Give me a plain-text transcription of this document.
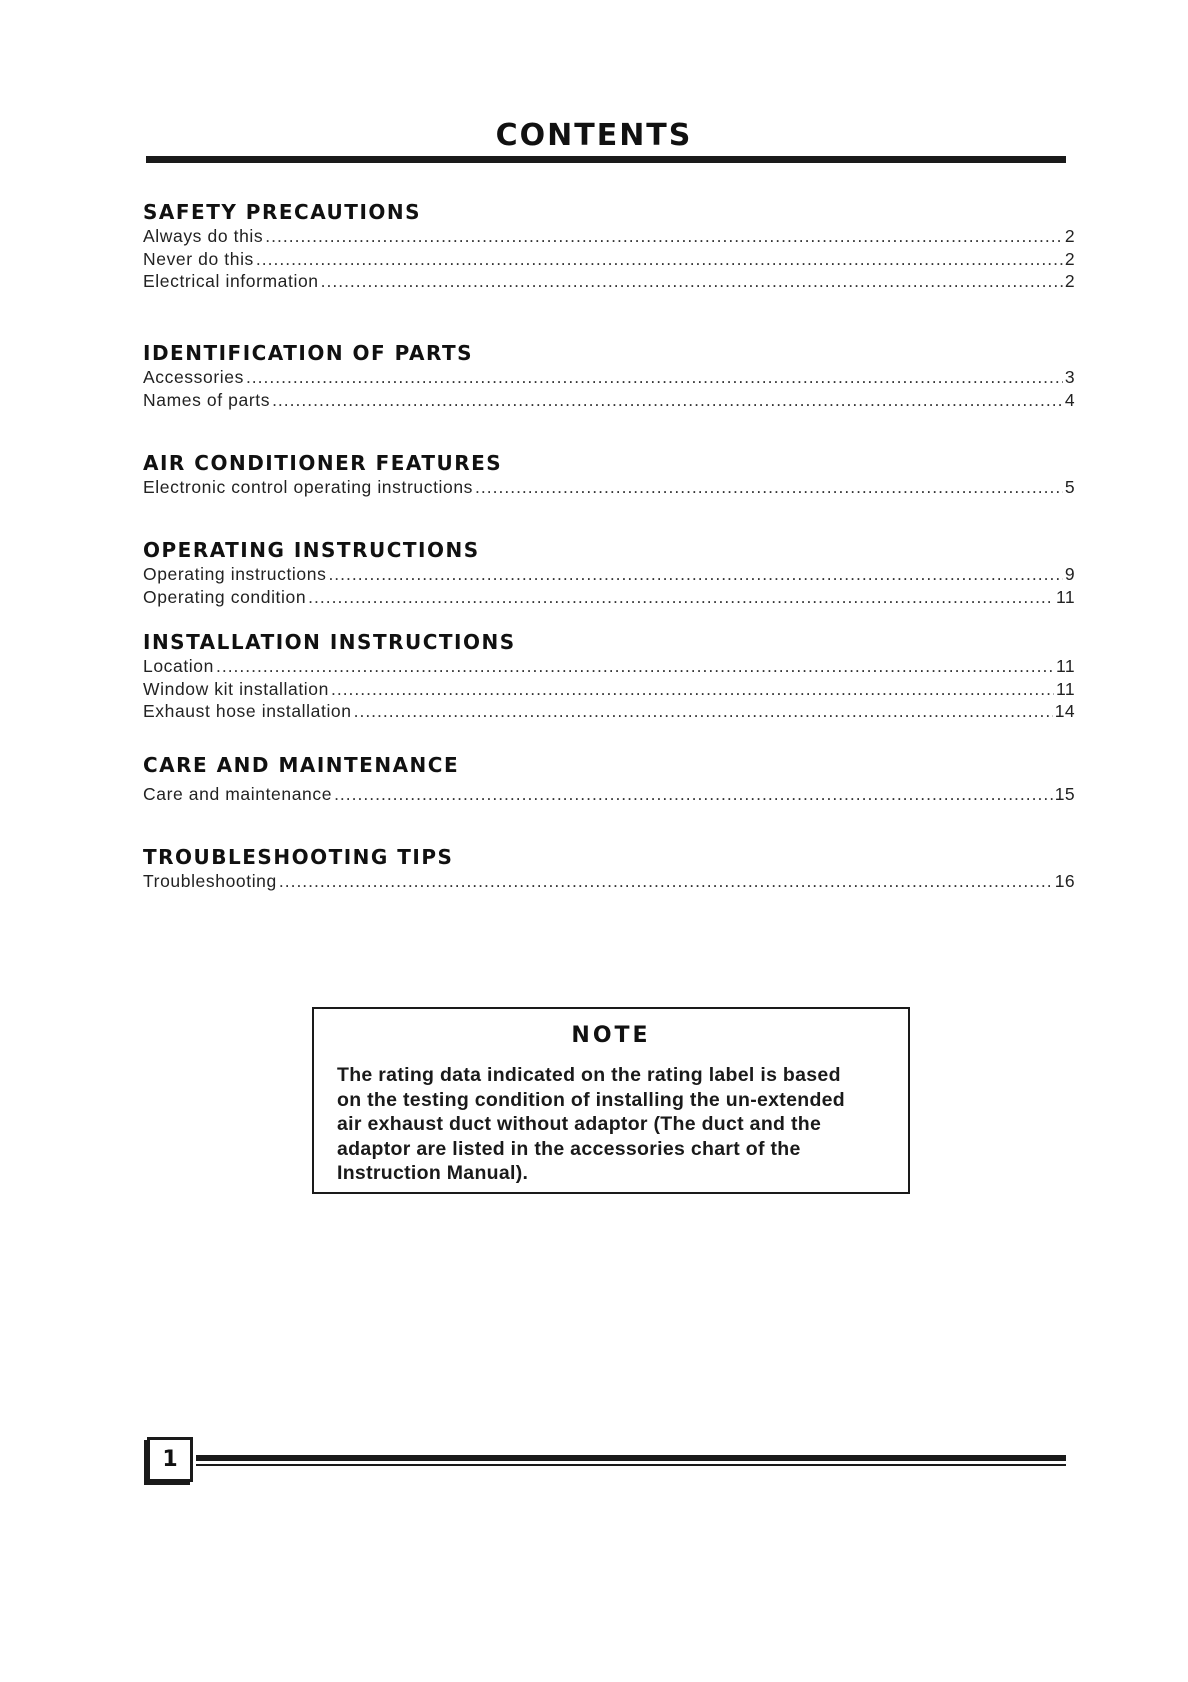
CONTENTS
SAFETY PRECAUTIONS
Always do this .....	2
Never do this .....	2
Electrical information .....	2
IDENTIFICATION OF PARTS
Accessories .....	3
Names of parts .....	4
AIR CONDITIONER FEATURES
Electronic control operating instructions .....	5
OPERATING INSTRUCTIONS
Operating instructions .....	9
Operating condition .....	11
INSTALLATION INSTRUCTIONS
Location .....	11
Window kit installation .....	11
Exhaust hose installation .....	14
CARE AND MAINTENANCE
Care and maintenance .....	15
TROUBLESHOOTING TIPS
Troubleshooting .....	16
NOTE
The rating data indicated on the rating label is based
on the testing condition of installing the un-extended
air exhaust duct without adaptor (The duct and the
adaptor are listed in the accessories chart of the
Instruction Manual).
1
